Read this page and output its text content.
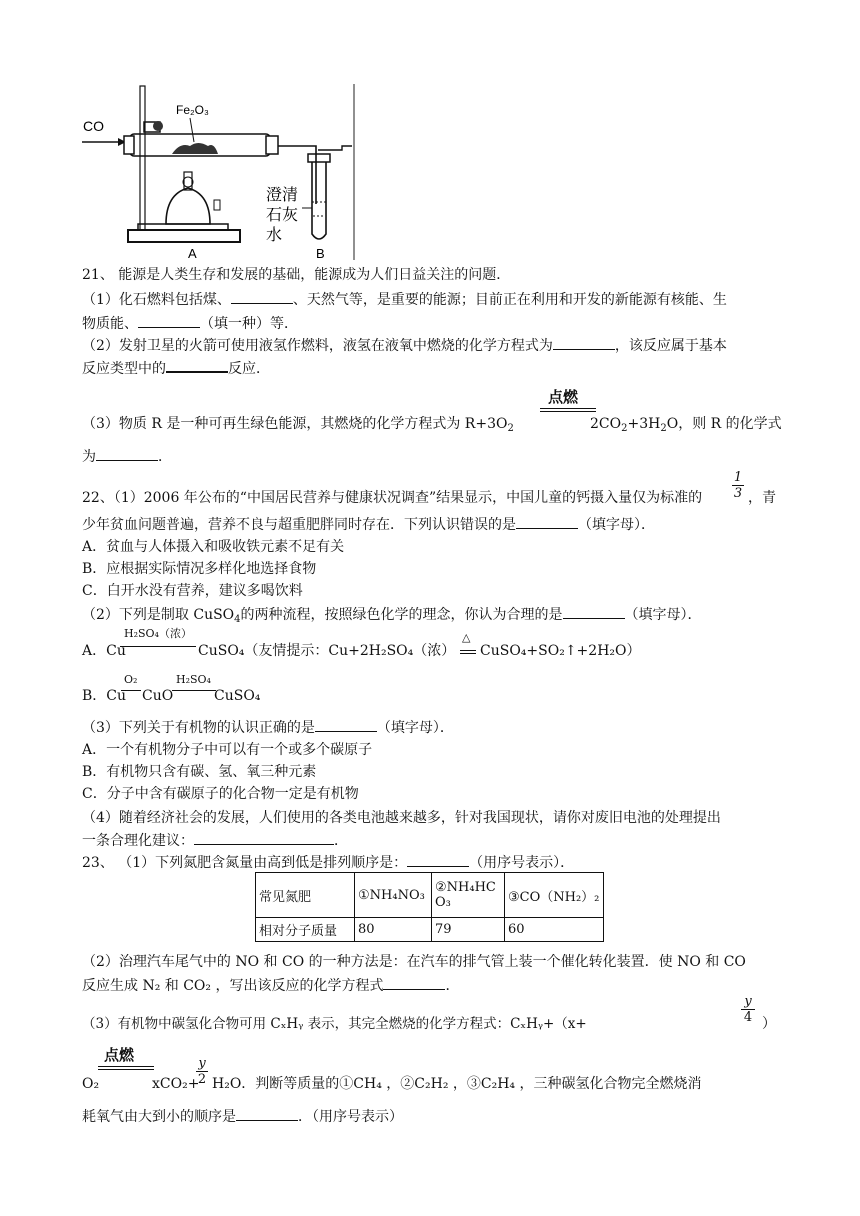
CO
Fe₂O₃
澄清
石灰
水
A	B
21、 能源是人类生存和发展的基础，能源成为人们日益关注的问题．
（1）化石燃料包括煤、	、天然气等，是重要的能源；目前正在利用和开发的新能源有核能、生
物质能、	（填一种）等．
（2）发射卫星的火箭可使用液氢作燃料，液氢在液氧中燃烧的化学方程式为	，该反应属于基本
反应类型中的	反应．
点燃
（3）物质 R 是一种可再生绿色能源，其燃烧的化学方程式为 $R+3O_2$	$2CO_2+3H_2O$，则 R 的化学式
为	．
22、（1）2006 年公布的“中国居民营养与健康状况调查”结果显示，中国儿童的钙摄入量仅为标准的 $\frac{1}{3}$ ，青
少年贫血问题普遍，营养不良与超重肥胖同时存在．下列认识错误的是	（填字母）．
A．贫血与人体摄入和吸收铁元素不足有关
B．应根据实际情况多样化地选择食物
C．白开水没有营养，建议多喝饮料
（2）下列是制取 CuSO$_4$的两种流程，按照绿色化学的理念，你认为合理的是	（填字母）．
A．Cu
H₂SO₄（浓）
CuSO₄（友情提示：Cu+2H₂SO₄（浓）
△
CuSO₄+SO₂↑+2H₂O）
B．Cu
O₂
CuO
H₂SO₄
CuSO₄
（3）下列关于有机物的认识正确的是	（填字母）．
A．一个有机物分子中可以有一个或多个碳原子
B．有机物只含有碳、氢、氧三种元素
C．分子中含有碳原子的化合物一定是有机物
（4）随着经济社会的发展，人们使用的各类电池越来越多，针对我国现状，请你对废旧电池的处理提出
一条合理化建议：	．
23、 （1）下列氮肥含氮量由高到低是排列顺序是：	（用序号表示）．
常见氮肥	①NH₄NO₃	②NH₄HCO₃	③CO（NH₂）₂
相对分子质量	80	79	60
（2）治理汽车尾气中的 NO 和 CO 的一种方法是：在汽车的排气管上装一个催化转化装置．使 NO 和 CO
反应生成 N₂ 和 CO₂ ，写出该反应的化学方程式	．
（3）有机物中碳氢化合物可用 CₓHᵧ 表示，其完全燃烧的化学方程式：CₓHᵧ+（x+	$\frac{y}{4}$ ）
点燃
O₂	xCO₂+
$\frac{y}{2} H_2O$．判断等质量的①CH₄ ，②C₂H₂ ，③C₂H₄ ，三种碳氢化合物完全燃烧消
耗氧气由大到小的顺序是	．（用序号表示）
